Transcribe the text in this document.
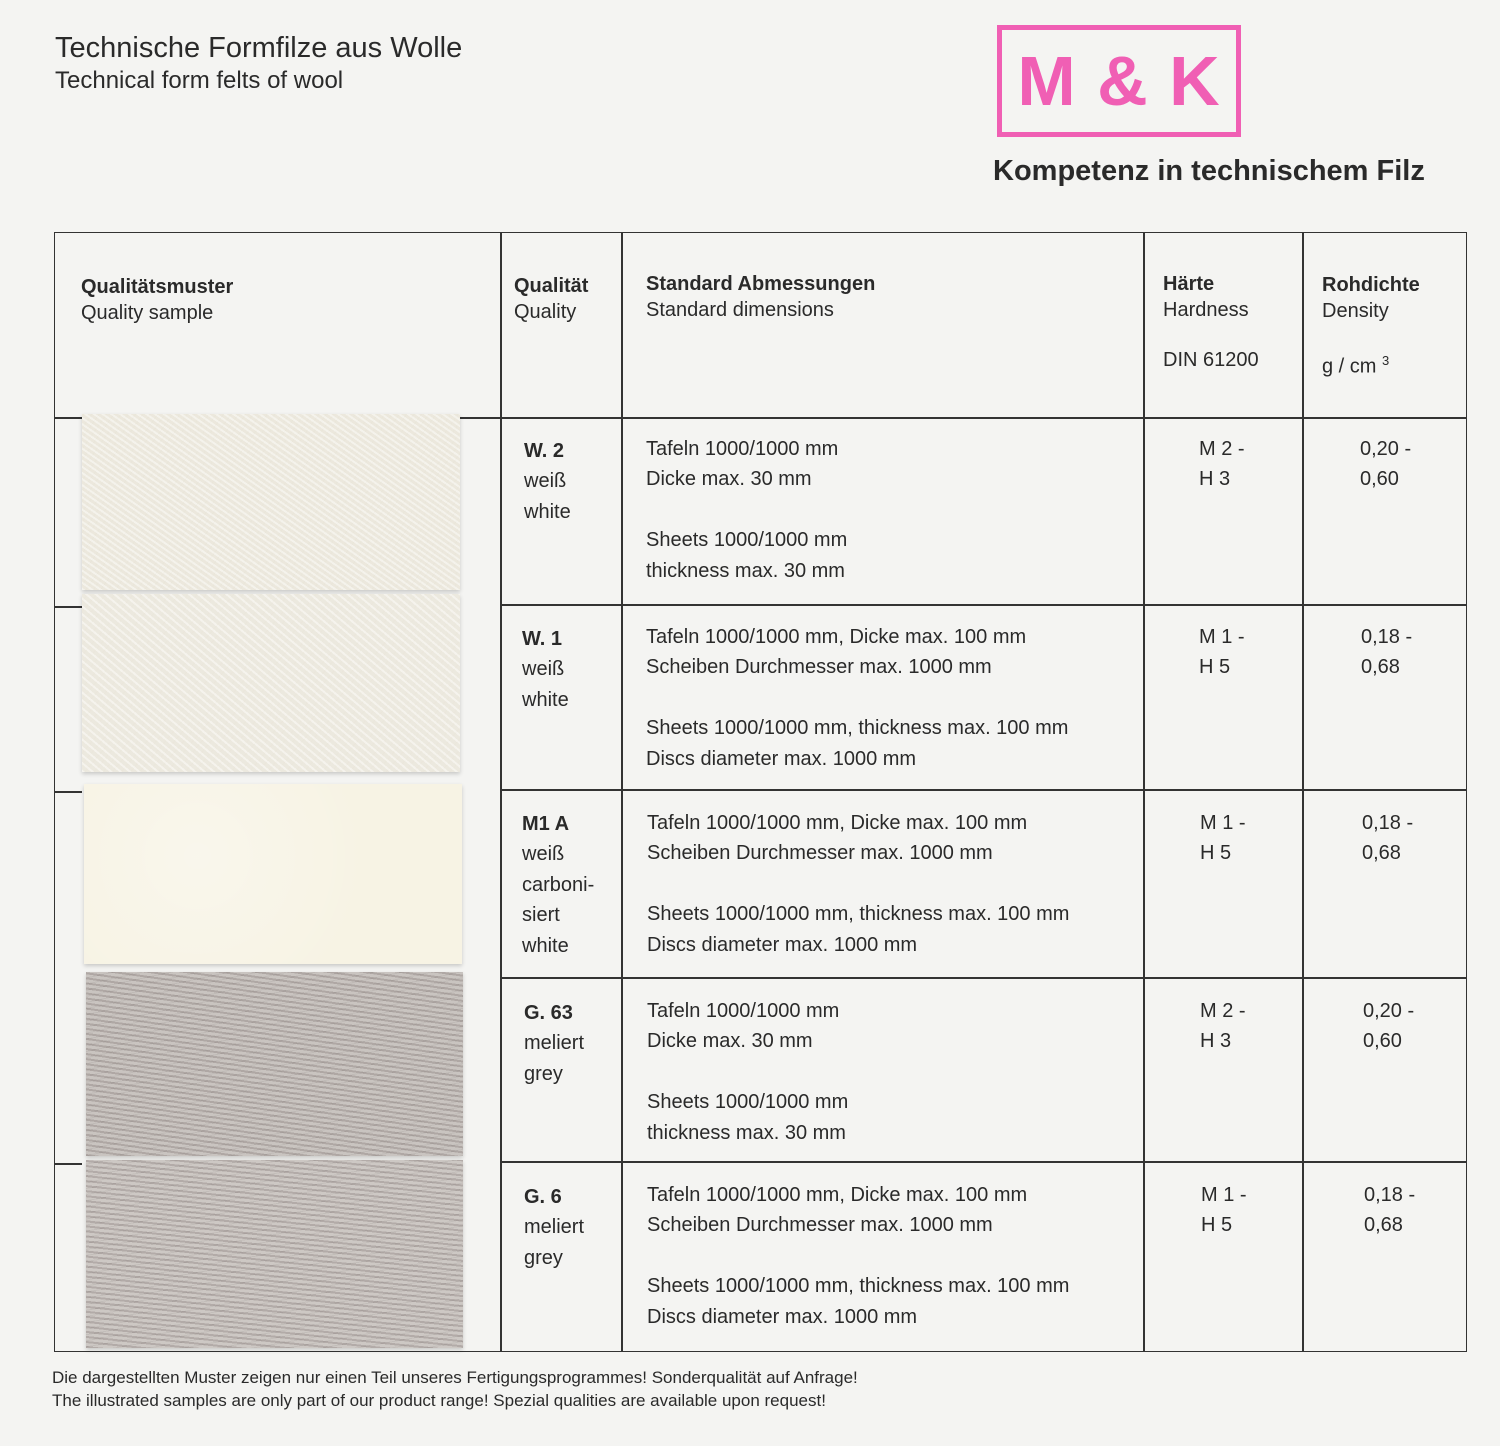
Technische Formfilze aus Wolle
Technical form felts of wool	M & K
Kompetenz in technischem Filz
Qualitätsmuster
Quality sample
Qualität
Quality
Standard Abmessungen
Standard dimensions
Härte
Hardness
DIN 61200
Rohdichte
Density
g / cm $^3$
W. 2
weiß
white
Tafeln 1000/1000 mm
Dicke max. 30 mm
Sheets 1000/1000 mm
thickness max. 30 mm
M 2 -
H 3
0,20 -
0,60
W. 1
weiß
white
Tafeln 1000/1000 mm, Dicke max. 100 mm
Scheiben Durchmesser max. 1000 mm
Sheets 1000/1000 mm, thickness max. 100 mm
Discs diameter max. 1000 mm
M 1 -
H 5
0,18 -
0,68
M1 A
weiß
carboni-
siert
white
Tafeln 1000/1000 mm, Dicke max. 100 mm
Scheiben Durchmesser max. 1000 mm
Sheets 1000/1000 mm, thickness max. 100 mm
Discs diameter max. 1000 mm
M 1 -
H 5
0,18 -
0,68
G. 63
meliert
grey
Tafeln 1000/1000 mm
Dicke max. 30 mm
Sheets 1000/1000 mm
thickness max. 30 mm
M 2 -
H 3
0,20 -
0,60
G. 6
meliert
grey
Tafeln 1000/1000 mm, Dicke max. 100 mm
Scheiben Durchmesser max. 1000 mm
Sheets 1000/1000 mm, thickness max. 100 mm
Discs diameter max. 1000 mm
M 1 -
H 5
0,18 -
0,68
Die dargestellten Muster zeigen nur einen Teil unseres Fertigungsprogrammes! Sonderqualität auf Anfrage!
The illustrated samples are only part of our product range! Spezial qualities are available upon request!
